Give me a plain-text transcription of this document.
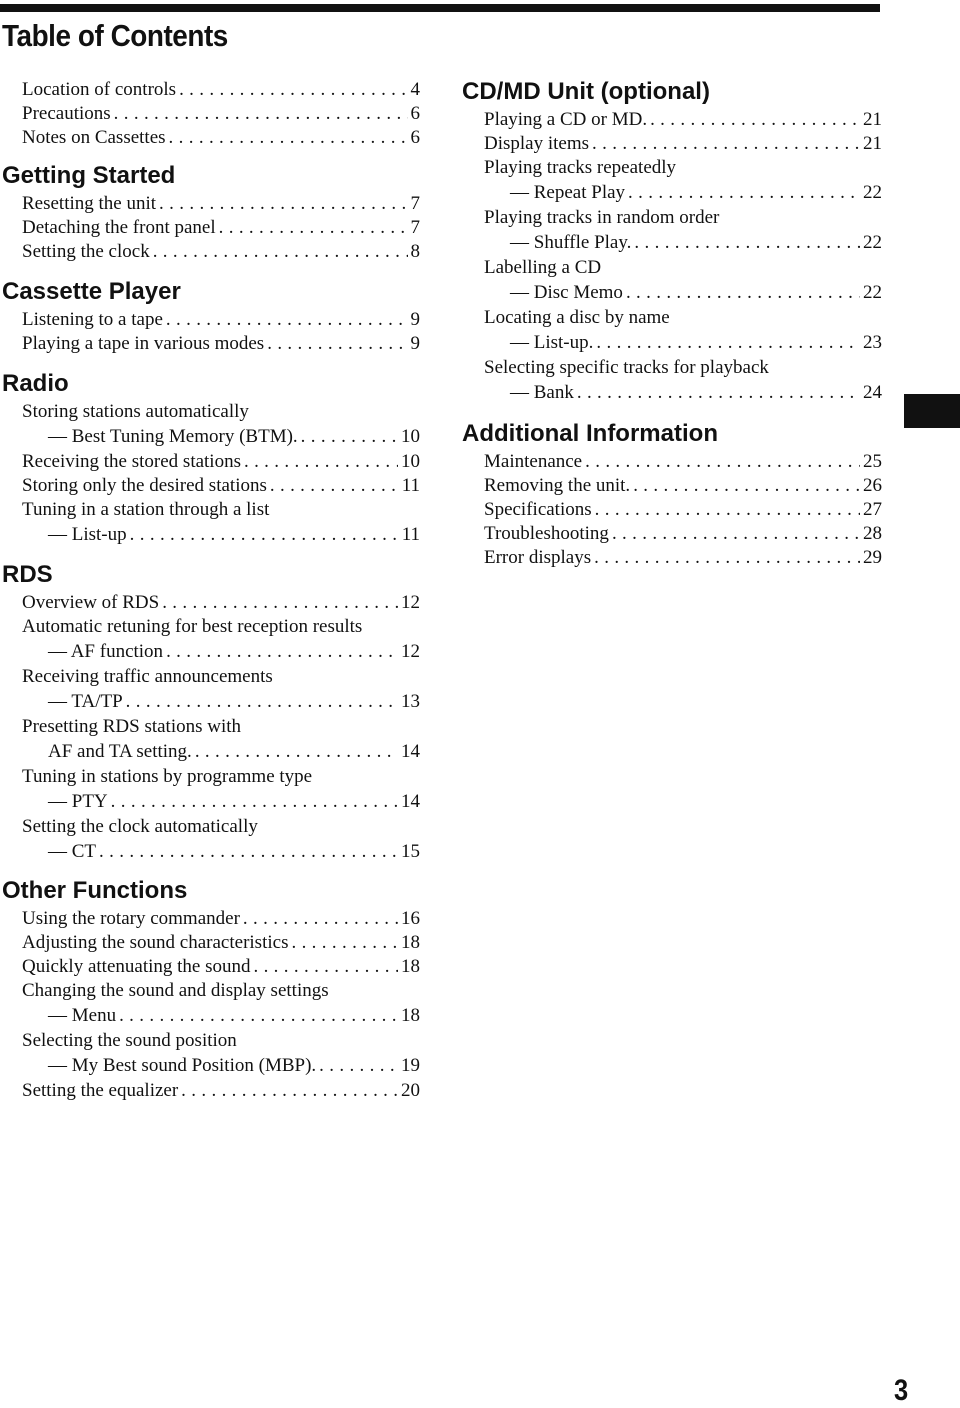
Table of Contents
Location of controls . . .	4
Precautions . . .	6
Notes on Cassettes . . .	6
Getting Started
Resetting the unit . . .	7
Detaching the front panel . . .	7
Setting the clock . . .	8
Cassette Player
Listening to a tape . . .	9
Playing a tape in various modes . . .	9
Radio
Storing stations automatically
— Best Tuning Memory (BTM). . . .	10
Receiving the stored stations . . .	10
Storing only the desired stations . . .	11
Tuning in a station through a list
— List-up . . .	11
RDS
Overview of RDS . . .	12
Automatic retuning for best reception results
— AF function . . .	12
Receiving traffic announcements
— TA/TP . . .	13
Presetting RDS stations with
AF and TA setting. . . .	14
Tuning in stations by programme type
— PTY . . .	14
Setting the clock automatically
— CT . . .	15
Other Functions
Using the rotary commander . . .	16
Adjusting the sound characteristics . . .	18
Quickly attenuating the sound . . .	18
Changing the sound and display settings
— Menu . . .	18
Selecting the sound position
— My Best sound Position (MBP). . . .	19
Setting the equalizer . . .	20
CD/MD Unit (optional)
Playing a CD or MD. . . .	21
Display items . . .	21
Playing tracks repeatedly
— Repeat Play . . .	22
Playing tracks in random order
— Shuffle Play. . . .	22
Labelling a CD
— Disc Memo . . .	22
Locating a disc by name
— List-up. . . .	23
Selecting specific tracks for playback
— Bank . . .	24
Additional Information
Maintenance . . .	25
Removing the unit. . . .	26
Specifications . . .	27
Troubleshooting . . .	28
Error displays . . .	29
3
